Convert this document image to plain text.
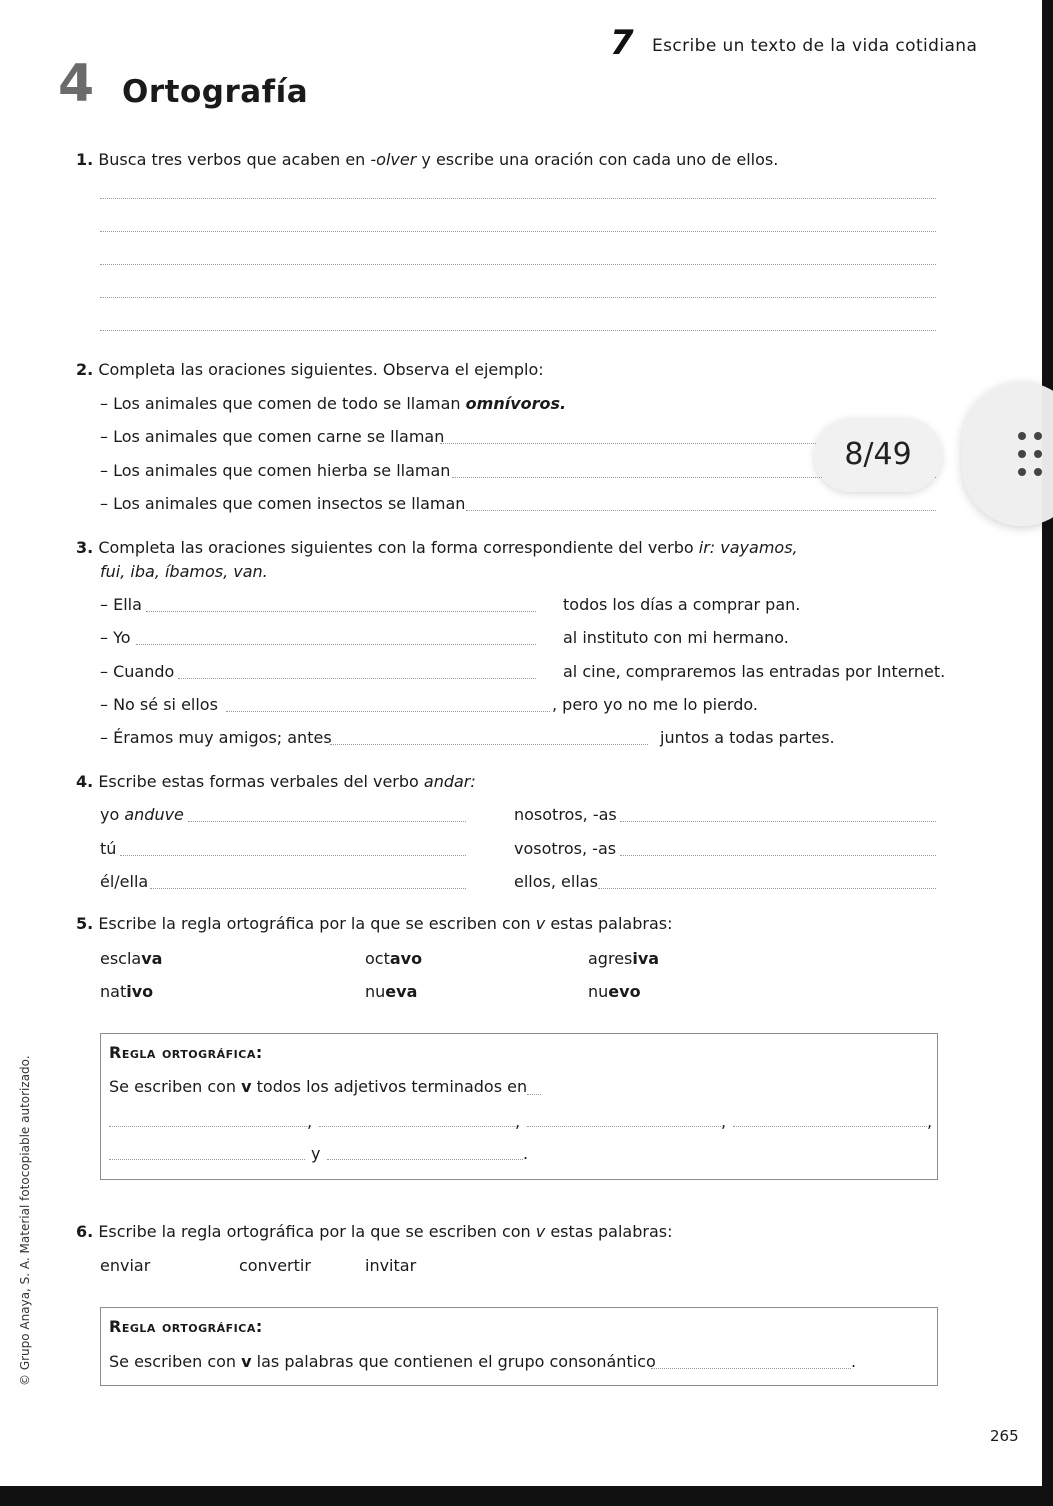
7 Escribe un texto de la vida cotidiana
4 Ortografía
1. Busca tres verbos que acaben en -olver y escribe una oración con cada uno de ellos.
2. Completa las oraciones siguientes. Observa el ejemplo:
– Los animales que comen de todo se llaman omnívoros.
– Los animales que comen carne se llaman
– Los animales que comen hierba se llaman
– Los animales que comen insectos se llaman
8/49
3. Completa las oraciones siguientes con la forma correspondiente del verbo ir: vayamos,
fui, iba, íbamos, van.
– Ella	todos los días a comprar pan.
– Yo	al instituto con mi hermano.
– Cuando	al cine, compraremos las entradas por Internet.
– No sé si ellos	, pero yo no me lo pierdo.
– Éramos muy amigos; antes	juntos a todas partes.
4. Escribe estas formas verbales del verbo andar:
yo anduve	nosotros, -as
tú	vosotros, -as
él/ella	ellos, ellas
5. Escribe la regla ortográfica por la que se escriben con v estas palabras:
esclava	octavo	agresiva
nativo	nueva	nuevo
Regla ortográfica:
Se escriben con v todos los adjetivos terminados en
,	,	,	,
y	.
6. Escribe la regla ortográfica por la que se escriben con v estas palabras:
enviar	convertir	invitar
Regla ortográfica:
Se escriben con v las palabras que contienen el grupo consonántico	.
© Grupo Anaya, S. A. Material fotocopiable autorizado.
265
